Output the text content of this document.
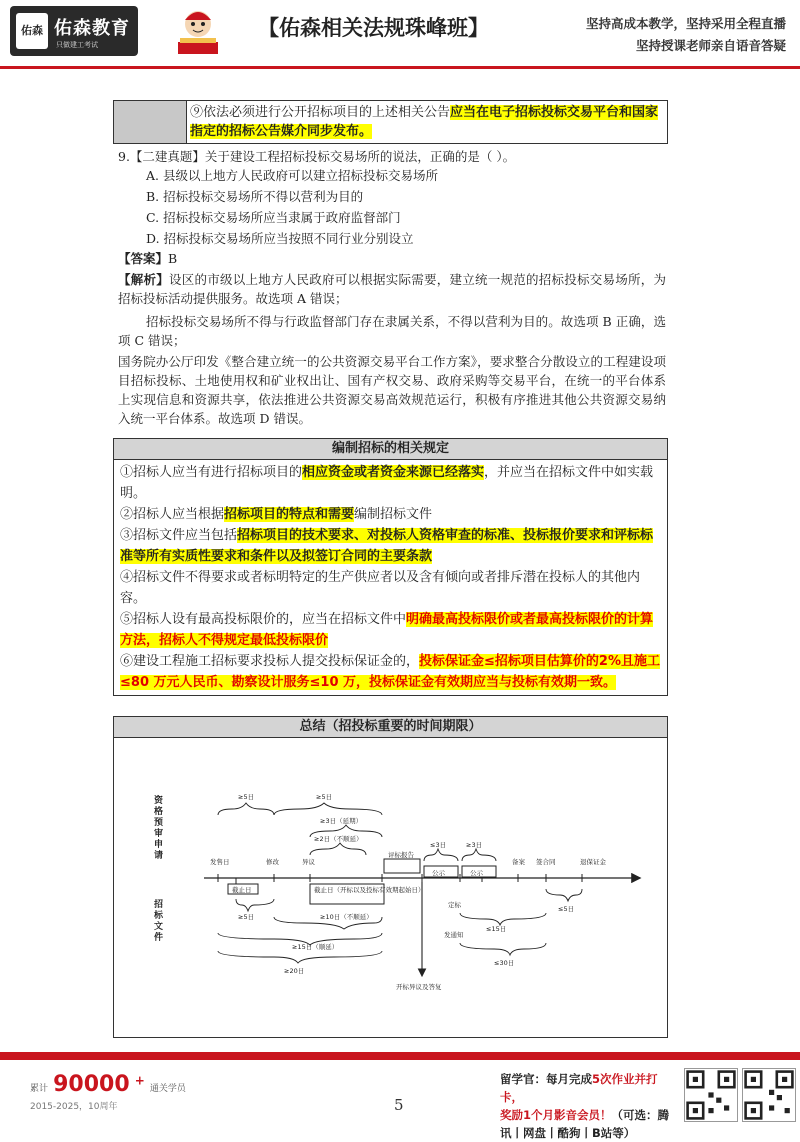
佑森 佑森教育
只做建工考试
【佑森相关法规珠峰班】	坚持高成本教学，坚持采用全程直播
坚持授课老师亲自语音答疑
⑨依法必须进行公开招标项目的上述相关公告应当在电子招标投标交易平台和国家指定的招标公告媒介同步发布。
9.【二建真题】关于建设工程招标投标交易场所的说法，正确的是（ ）。
A. 县级以上地方人民政府可以建立招标投标交易场所
B. 招标投标交易场所不得以营利为目的
C. 招标投标交易场所应当隶属于政府监督部门
D. 招标投标交易场所应当按照不同行业分别设立
【答案】B
【解析】设区的市级以上地方人民政府可以根据实际需要，建立统一规范的招标投标交易场所，为招标投标活动提供服务。故选项 A 错误；
招标投标交易场所不得与行政监督部门存在隶属关系，不得以营利为目的。故选项 B 正确，选项 C 错误；
国务院办公厅印发《整合建立统一的公共资源交易平台工作方案》，要求整合分散设立的工程建设项目招标投标、土地使用权和矿业权出让、国有产权交易、政府采购等交易平台，在统一的平台体系上实现信息和资源共享，依法推进公共资源交易高效规范运行，积极有序推进其他公共资源交易纳入统一平台体系。故选项 D 错误。
编制招标的相关规定

①招标人应当有进行招标项目的相应资金或者资金来源已经落实，并应当在招标文件中如实载明。

②招标人应当根据招标项目的特点和需要编制招标文件

③招标文件应当包括招标项目的技术要求、对投标人资格审查的标准、投标报价要求和评标标准等所有实质性要求和条件以及拟签订合同的主要条款

④招标文件不得要求或者标明特定的生产供应者以及含有倾向或者排斥潜在投标人的其他内容。

⑤招标人设有最高投标限价的，应当在招标文件中明确最高投标限价或者最高投标限价的计算方法，招标人不得规定最低投标限价

⑥建设工程施工招标要求投标人提交投标保证金的，投标保证金≤招标项目估算价的2%且施工≤80 万元人民币、勘察设计服务≤10 万，投标保证金有效期应当与投标有效期一致。

总结（招投标重要的时间期限）
资格预审申请
招标文件
发售日	修改	异议
评标报告
公示	公示
备案 签合同	退保证金
≥5日	≥5日
≥3日（延期）
≥2日（不顺延）
≤3日	≥3日
截止日	截止日（开标以及投标有效期起始日）
定标
发通知
开标异议及答复
≥5日	≥10日（不顺延）
≥15日（顺延）
≥20日
≤15日
≤30日
≤5日
累计 90000 + 通关学员
2015-2025，10周年	5
留学官：每月完成5次作业并打卡，
奖励1个月影音会员！（可选：腾讯丨网盘丨酷狗丨B站等）
